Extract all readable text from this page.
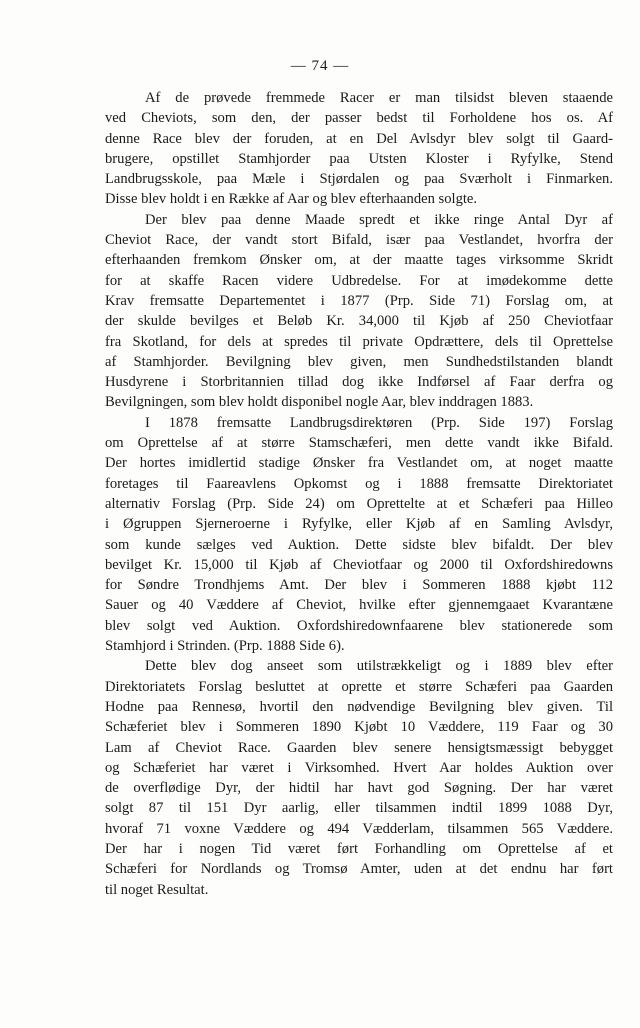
— 74 —

Af de prøvede fremmede Racer er man tilsidst bleven staaende
ved Cheviots, som den, der passer bedst til Forholdene hos os. Af
denne Race blev der foruden, at en Del Avlsdyr blev solgt til Gaard-
brugere, opstillet Stamhjorder paa Utsten Kloster i Ryfylke, Stend
Landbrugsskole, paa Mæle i Stjørdalen og paa Sværholt i Finmarken.
Disse blev holdt i en Række af Aar og blev efterhaanden solgte.

Der blev paa denne Maade spredt et ikke ringe Antal Dyr af
Cheviot Race, der vandt stort Bifald, især paa Vestlandet, hvorfra der
efterhaanden fremkom Ønsker om, at der maatte tages virksomme Skridt
for at skaffe Racen videre Udbredelse. For at imødekomme dette
Krav fremsatte Departementet i 1877 (Prp. Side 71) Forslag om, at
der skulde bevilges et Beløb Kr. 34,000 til Kjøb af 250 Cheviotfaar
fra Skotland, for dels at spredes til private Opdrættere, dels til Oprettelse
af Stamhjorder. Bevilgning blev given, men Sundhedstilstanden blandt
Husdyrene i Storbritannien tillad dog ikke Indførsel af Faar derfra og
Bevilgningen, som blev holdt disponibel nogle Aar, blev inddragen 1883.

I 1878 fremsatte Landbrugsdirektøren (Prp. Side 197) Forslag
om Oprettelse af at større Stamschæferi, men dette vandt ikke Bifald.
Der hortes imidlertid stadige Ønsker fra Vestlandet om, at noget maatte
foretages til Faareavlens Opkomst og i 1888 fremsatte Direktoriatet
alternativ Forslag (Prp. Side 24) om Oprettelte at et Schæferi paa Hilleo
i Øgruppen Sjerneroerne i Ryfylke, eller Kjøb af en Samling Avlsdyr,
som kunde sælges ved Auktion. Dette sidste blev bifaldt. Der blev
bevilget Kr. 15,000 til Kjøb af Cheviotfaar og 2000 til Oxfordshiredowns
for Søndre Trondhjems Amt. Der blev i Sommeren 1888 kjøbt 112
Sauer og 40 Væddere af Cheviot, hvilke efter gjennemgaaet Kvarantæne
blev solgt ved Auktion. Oxfordshiredownfaarene blev stationerede som
Stamhjord i Strinden. (Prp. 1888 Side 6).

Dette blev dog anseet som utilstrækkeligt og i 1889 blev efter
Direktoriatets Forslag besluttet at oprette et større Schæferi paa Gaarden
Hodne paa Rennesø, hvortil den nødvendige Bevilgning blev given. Til
Schæferiet blev i Sommeren 1890 Kjøbt 10 Væddere, 119 Faar og 30
Lam af Cheviot Race. Gaarden blev senere hensigtsmæssigt bebygget
og Schæferiet har været i Virksomhed. Hvert Aar holdes Auktion over
de overflødige Dyr, der hidtil har havt god Søgning. Der har været
solgt 87 til 151 Dyr aarlig, eller tilsammen indtil 1899 1088 Dyr,
hvoraf 71 voxne Væddere og 494 Vædderlam, tilsammen 565 Væddere.
Der har i nogen Tid været ført Forhandling om Oprettelse af et
Schæferi for Nordlands og Tromsø Amter, uden at det endnu har ført
til noget Resultat.
